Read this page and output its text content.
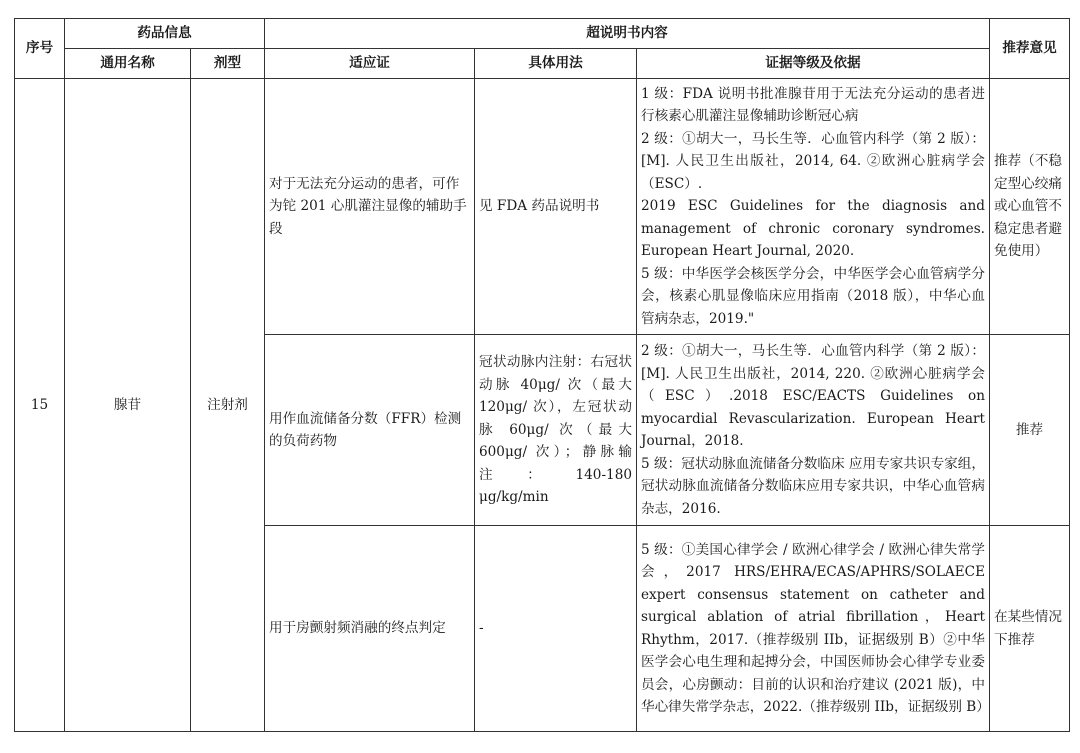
序号	药品信息		超说明书内容			推荐意见
	通用名称	剂型	适应证	具体用法	证据等级及依据	
15	腺苷	注射剂	对于无法充分运动的患者，可作为铊 201 心肌灌注显像的辅助手段	见 FDA 药品说明书	1 级：FDA 说明书批准腺苷用于无法充分运动的患者进行核素心肌灌注显像辅助诊断冠心病
2 级：①胡大一，马长生等．心血管内科学（第 2 版）：[M]. 人民卫生出版社，2014, 64. ②欧洲心脏病学会（ESC）.
2019 ESC Guidelines for the diagnosis and management of chronic coronary syndromes. European Heart Journal, 2020.
5 级：中华医学会核医学分会，中华医学会心血管病学分会，核素心肌显像临床应用指南（2018 版），中华心血管病杂志，2019."	推荐（不稳定型心绞痛或心血管不稳定患者避免使用）
			用作血流储备分数（FFR）检测的负荷药物	冠状动脉内注射：右冠状动脉 40μg/ 次（最大 120μg/ 次），左冠状动脉 60μg/ 次（最大 600μg/ 次）；静脉输注：140-180 μg/kg/min	2 级：①胡大一，马长生等．心血管内科学（第 2 版）：[M]. 人民卫生出版社，2014, 220. ②欧洲心脏病学会（ESC）.2018 ESC/EACTS Guidelines on myocardial Revascularization. European Heart Journal，2018.
5 级：冠状动脉血流储备分数临床 应用专家共识专家组，冠状动脉血流储备分数临床应用专家共识，中华心血管病杂志，2016.	推荐
			用于房颤射频消融的终点判定	-	5 级：①美国心律学会 / 欧洲心律学会 / 欧洲心律失常学会，2017 HRS/EHRA/ECAS/APHRS/SOLAECE expert consensus statement on catheter and surgical ablation of atrial fibrillation，Heart Rhythm，2017.（推荐级别 IIb，证据级别 B）②中华医学会心电生理和起搏分会，中国医师协会心律学专业委员会，心房颤动：目前的认识和治疗建议 (2021 版)，中华心律失常学杂志，2022.（推荐级别 IIb，证据级别 B）	在某些情况下推荐
